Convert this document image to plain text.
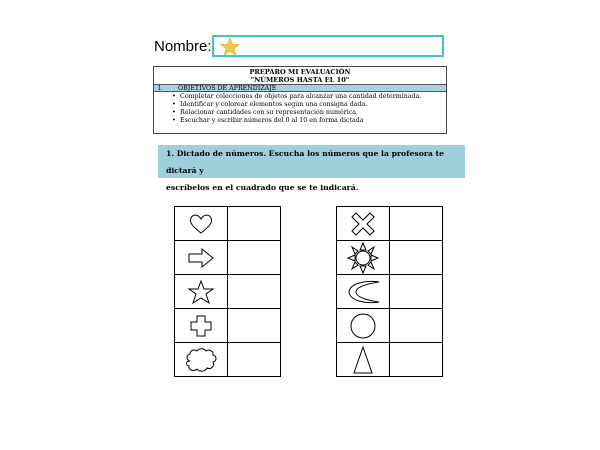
Nombre:
PREPARO MI EVALUACIÓN
"NÚMEROS HASTA EL 10"
I. OBJETIVOS DE APRENDIZAJE
• Completar colecciones de objetos para alcanzar una cantidad determinada.
• Identificar y colorear elementos según una consigna dada.
• Relacionar cantidades con su representación numérica.
• Escuchar y escribir números del 0 al 10 en forma dictada
1. Dictado de números. Escucha los números que la profesora te dictará y
escríbelos en el cuadrado que se te indicará.
